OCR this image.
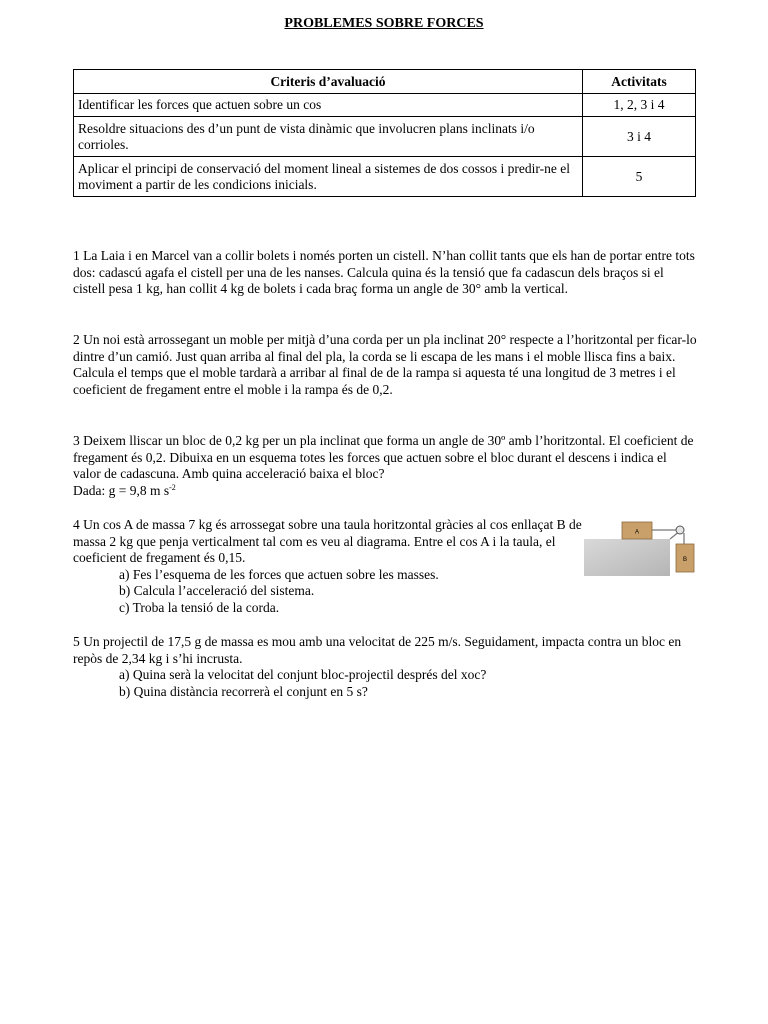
PROBLEMES SOBRE FORCES
Criteris d’avaluació	Activitats
Identificar les forces que actuen sobre un cos	1, 2, 3 i 4
Resoldre situacions des d’un punt de vista dinàmic que involucren plans inclinats i/o corrioles.	3 i 4
Aplicar el principi de conservació del moment lineal a sistemes de dos cossos i predir-ne el moviment a partir de les condicions inicials.	5

1 La Laia i en Marcel van a collir bolets i només porten un cistell. N’han collit tants que els han de portar entre tots dos: cadascú agafa el cistell per una de les nanses. Calcula quina és la tensió que fa cadascun dels braços si el cistell pesa 1 kg, han collit 4 kg de bolets i cada braç forma un angle de 30° amb la vertical.

2 Un noi està arrossegant un moble per mitjà d’una corda per un pla inclinat 20° respecte a l’horitzontal per ficar-lo dintre d’un camió. Just quan arriba al final del pla, la corda se li escapa de les mans i el moble llisca fins a baix. Calcula el temps que el moble tardarà a arribar al final de de la rampa si aquesta té una longitud de 3 metres i el coeficient de fregament entre el moble i la rampa és de 0,2.

3 Deixem lliscar un bloc de 0,2 kg per un pla inclinat que forma un angle de 30º amb l’horitzontal. El coeficient de fregament és 0,2. Dibuixa en un esquema totes les forces que actuen sobre el bloc durant el descens i indica el valor de cadascuna. Amb quina acceleració baixa el bloc?

Dada: g = 9,8 m $s^{-2}$

4 Un cos A de massa 7 kg és arrossegat sobre una taula horitzontal gràcies al cos enllaçat B de massa 2 kg que penja verticalment tal com es veu al diagrama. Entre el cos A i la taula, el coeficient de fregament és 0,15.

a) Fes l’esquema de les forces que actuen sobre les masses.

b) Calcula l’acceleració del sistema.

c) Troba la tensió de la corda.

A
B

5 Un projectil de 17,5 g de massa es mou amb una velocitat de 225 m/s. Seguidament, impacta contra un bloc en repòs de 2,34 kg i s’hi incrusta.

a) Quina serà la velocitat del conjunt bloc-projectil després del xoc?

b) Quina distància recorrerà el conjunt en 5 s?
